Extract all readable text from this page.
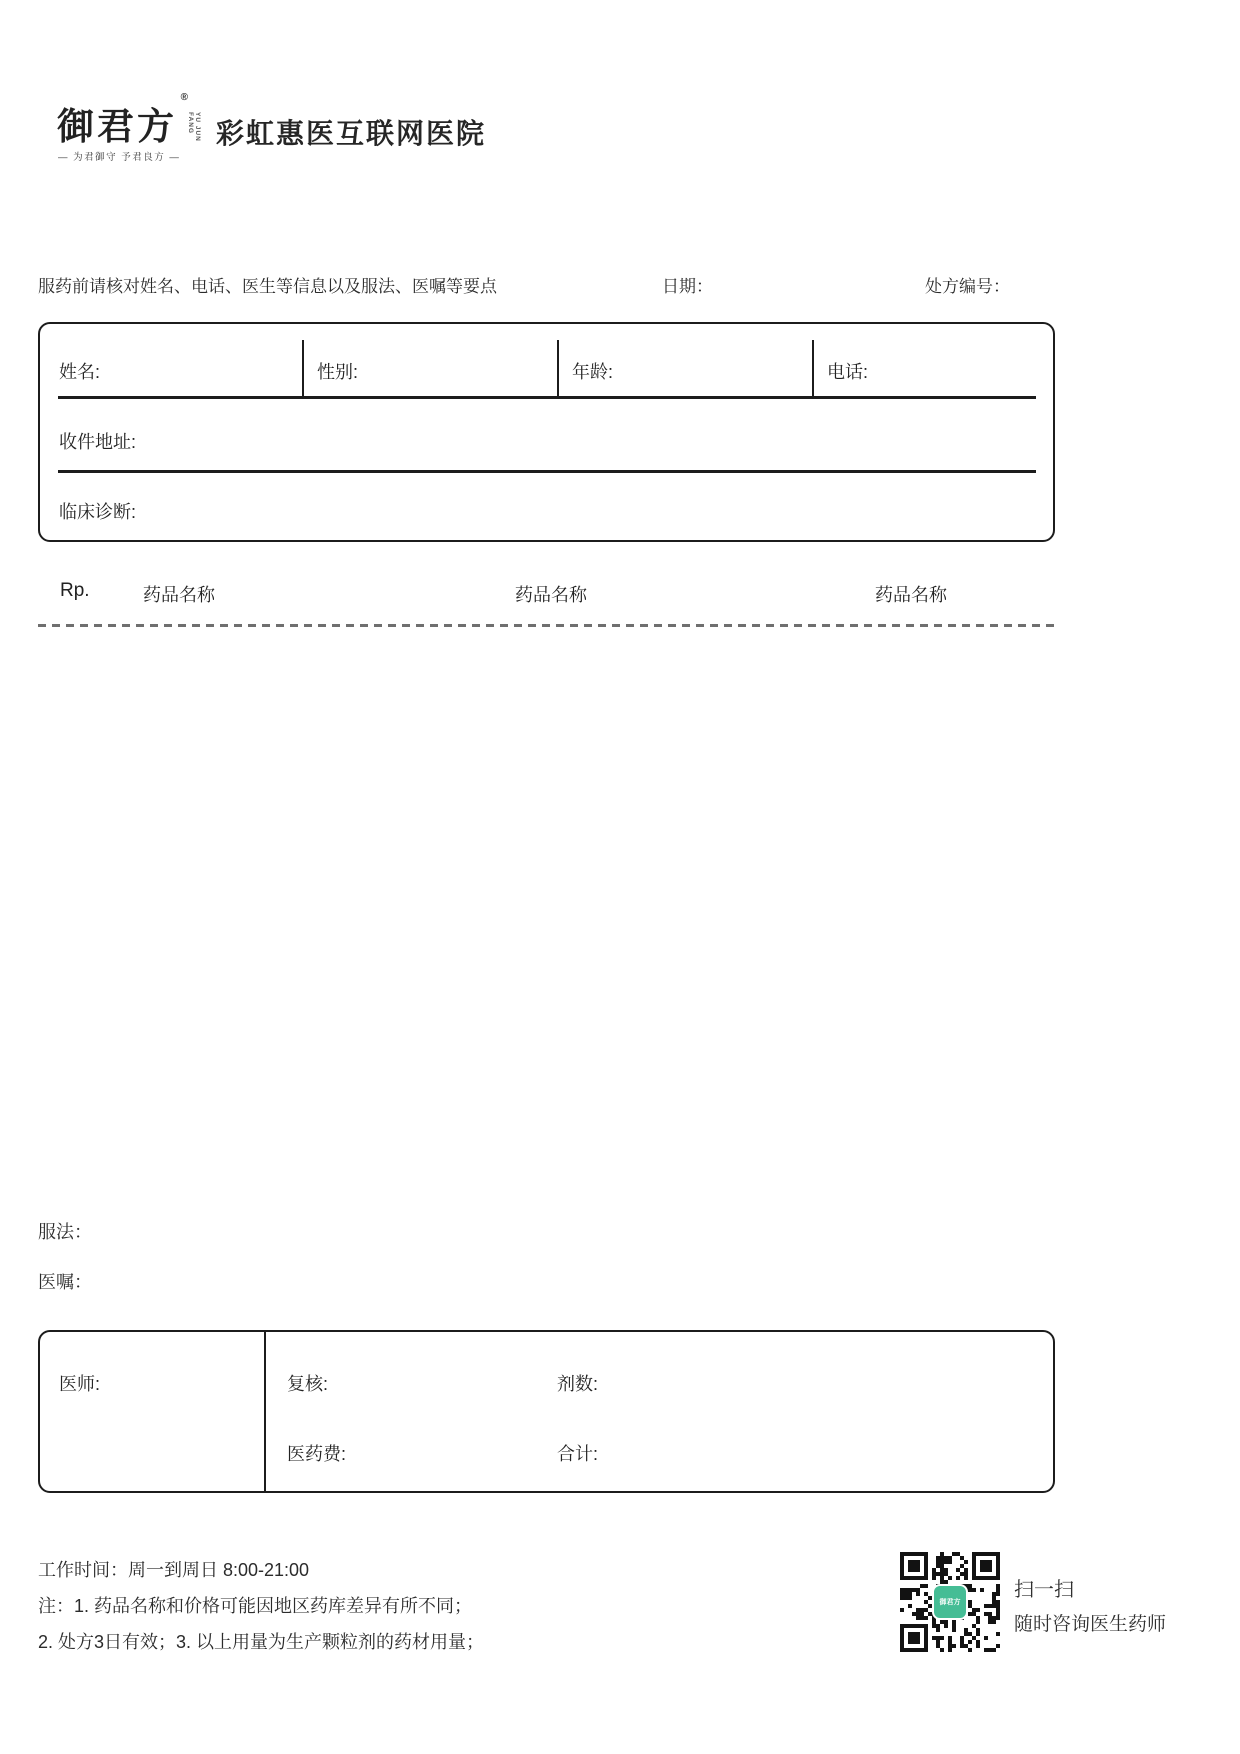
御君方
®
YU JUN FANG
— 为君御守 予君良方 —
彩虹惠医互联网医院
服药前请核对姓名、电话、医生等信息以及服法、医嘱等要点	日期：	处方编号：
姓名:	性别:	年龄:	电话:
收件地址:
临床诊断:
Rp.	药品名称	药品名称	药品名称
服法：
医嘱：
医师:	复核:	剂数:
医药费:	合计:
工作时间：周一到周日 8:00-21:00
注：1. 药品名称和价格可能因地区药库差异有所不同；
2. 处方3日有效；3. 以上用量为生产颗粒剂的药材用量；
御君方
扫一扫
随时咨询医生药师
